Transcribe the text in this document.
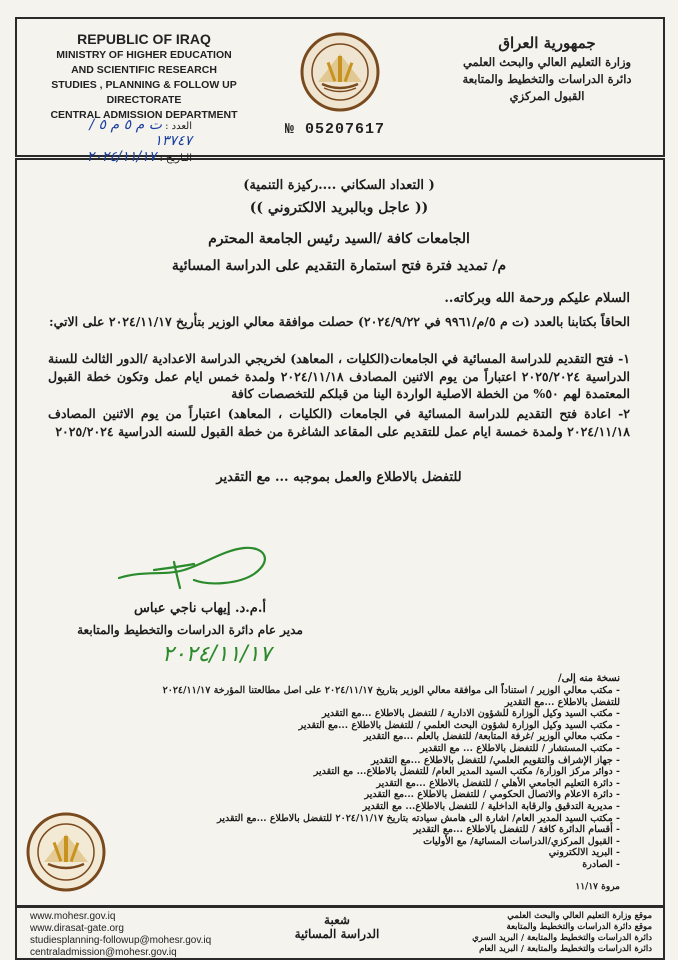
REPUBLIC OF IRAQ
MINISTRY OF HIGHER EDUCATION
AND SCIENTIFIC RESEARCH
STUDIES , PLANNING & FOLLOW UP DIRECTORATE
CENTRAL ADMISSION DEPARTMENT
جمهورية العراق
وزارة التعليم العالي والبحث العلمي
دائرة الدراسات والتخطيط والمتابعة
القبول المركزي
العدد : ت م ٥ م ٥ / ١٣٧٤٧
التاريخ : ٢٠٢٤/١١/١٧
№ 05207617
(التعداد السكاني ....ركيزة التنمية )
(( عاجل وبالبريد الالكتروني ))
الجامعات كافة /السيد رئيس الجامعة المحترم
م/ تمديد فترة فتح استمارة التقديم على الدراسة المسائية
السلام عليكم ورحمة الله وبركاته..
الحاقاً بكتابنا بالعدد (ت م ٥/م/٩٩٦١ في ٢٠٢٤/٩/٢٢) حصلت موافقة معالي الوزير بتأريخ ٢٠٢٤/١١/١٧ على الاتي:
١- فتح التقديم للدراسة المسائية في الجامعات(الكليات ، المعاهد) لخريجي الدراسة الاعدادية /الدور الثالث للسنة الدراسية ٢٠٢٥/٢٠٢٤ اعتباراً من يوم الاثنين المصادف ٢٠٢٤/١١/١٨ ولمدة خمس ايام عمل وتكون خطة القبول المعتمدة لهم ٥٠% من الخطة الاصلية الواردة الينا من قبلكم للتخصصات كافة
٢- اعادة فتح التقديم للدراسة المسائية في الجامعات (الكليات ، المعاهد) اعتباراً من يوم الاثنين المصادف ٢٠٢٤/١١/١٨ ولمدة خمسة ايام عمل للتقديم على المقاعد الشاغرة من خطة القبول للسنه الدراسية ٢٠٢٥/٢٠٢٤
للتفضل بالاطلاع والعمل بموجبه ... مع التقدير
أ.م.د. إيهاب ناجي عباس
مدير عام دائرة الدراسات والتخطيط والمتابعة
٢٠٢٤/١١/١٧
نسخة منه إلى/
- مكتب معالي الوزير / استناداً الى موافقة معالي الوزير بتاريخ ٢٠٢٤/١١/١٧ على اصل مطالعتنا المؤرخة ٢٠٢٤/١١/١٧
للتفضل بالاطلاع ...مع التقدير
- مكتب السيد وكيل الوزارة للشؤون الادارية / للتفضل بالاطلاع ...مع التقدير
- مكتب السيد وكيل الوزارة لشؤون البحث العلمي / للتفضل بالاطلاع ...مع التقدير
- مكتب معالي الوزير /غرفة المتابعة/ للتفضل بالعلم ...مع التقدير
- مكتب المستشار / للتفضل بالاطلاع ... مع التقدير
- جهاز الإشراف والتقويم العلمي/ للتفضل بالاطلاع ...مع التقدير
- دوائر مركز الوزارة/ مكتب السيد المدير العام/ للتفضل بالاطلاع... مع التقدير
- دائرة التعليم الجامعي الأهلي / للتفضل بالاطلاع ...مع التقدير
- دائرة الاعلام والاتصال الحكومي / للتفضل بالاطلاع ...مع التقدير
- مديرية التدقيق والرقابة الداخلية / للتفضل بالاطلاع... مع التقدير
- مكتب السيد المدير العام/ اشارة الى هامش سيادته بتاريخ ٢٠٢٤/١١/١٧ للتفضل بالاطلاع ...مع التقدير
- أقسام الدائرة كافة / للتفضل بالاطلاع ...مع التقدير
- القبول المركزي/الدراسات المسائية/ مع الأوليات
- البريد الالكتروني
- الصادرة
مروة ١١/١٧
www.mohesr.gov.iq
www.dirasat-gate.org
studiesplanning-followup@mohesr.gov.iq
centraladmission@mohesr.gov.iq
شعبة
الدراسة المسائية
موقع وزارة التعليم العالي والبحث العلمي
موقع دائرة الدراسات والتخطيط والمتابعة
دائرة الدراسات والتخطيط والمتابعة / البريد السري
دائرة الدراسات والتخطيط والمتابعة / البريد العام
